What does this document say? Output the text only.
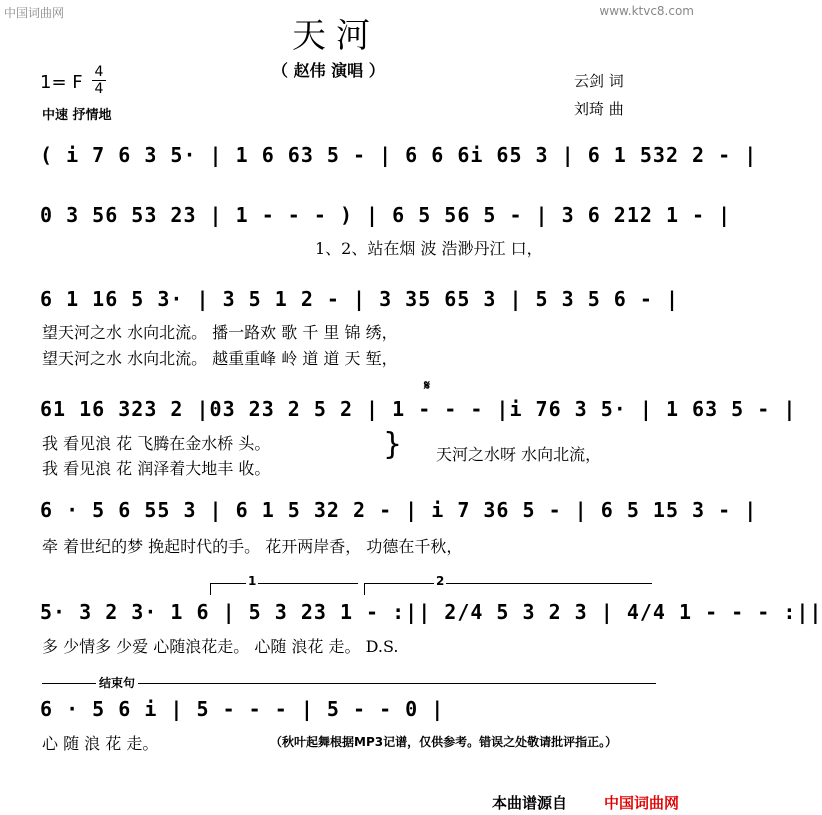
中国词曲网	www.ktvc8.com
天河
（ 赵伟 演唱 ）
1= F 4
4
中速 抒情地
云剑 词
刘琦 曲
( i 7 6 3 5· | 1 6 63 5 - | 6 6 6i 65 3 | 6 1 532 2 - |
0 3 56 53 23 | 1 - - - ) | 6 5 56 5 - | 3 6 212 1 - |
1、2、站在烟 波 浩渺丹江 口，
6 1 16 5 3· | 3 5 1 2 - | 3 35 65 3 | 5 3 5 6 - |
望天河之水 水向北流。 播一路欢 歌 千 里 锦 绣，
望天河之水 水向北流。 越重重峰 岭 道 道 天 堑，
61 16 323 2 |03 23 2 5 2 | 1 - - - |i 76 3 5· | 1 63 5 - |
𝄋
我 看见浪 花 飞腾在金水桥 头。
我 看见浪 花 润泽着大地丰 收。
} 天河之水呀 水向北流，
6 · 5 6 55 3 | 6 1 5 32 2 - | i 7 36 5 - | 6 5 15 3 - |
牵 着世纪的梦 挽起时代的手。 花开两岸香， 功德在千秋，
1	2
5· 3 2 3· 1 6 | 5 3 23 1 - :|| 2/4 5 3 2 3 | 4/4 1 - - - :||
多 少情多 少爱 心随浪花走。 心随 浪花 走。 D.S.
结束句
6 · 5 6 i | 5 - - - | 5 - - 0 |
心 随 浪 花 走。	（秋叶起舞根据MP3记谱，仅供参考。错误之处敬请批评指正。）
本曲谱源自 中国词曲网
